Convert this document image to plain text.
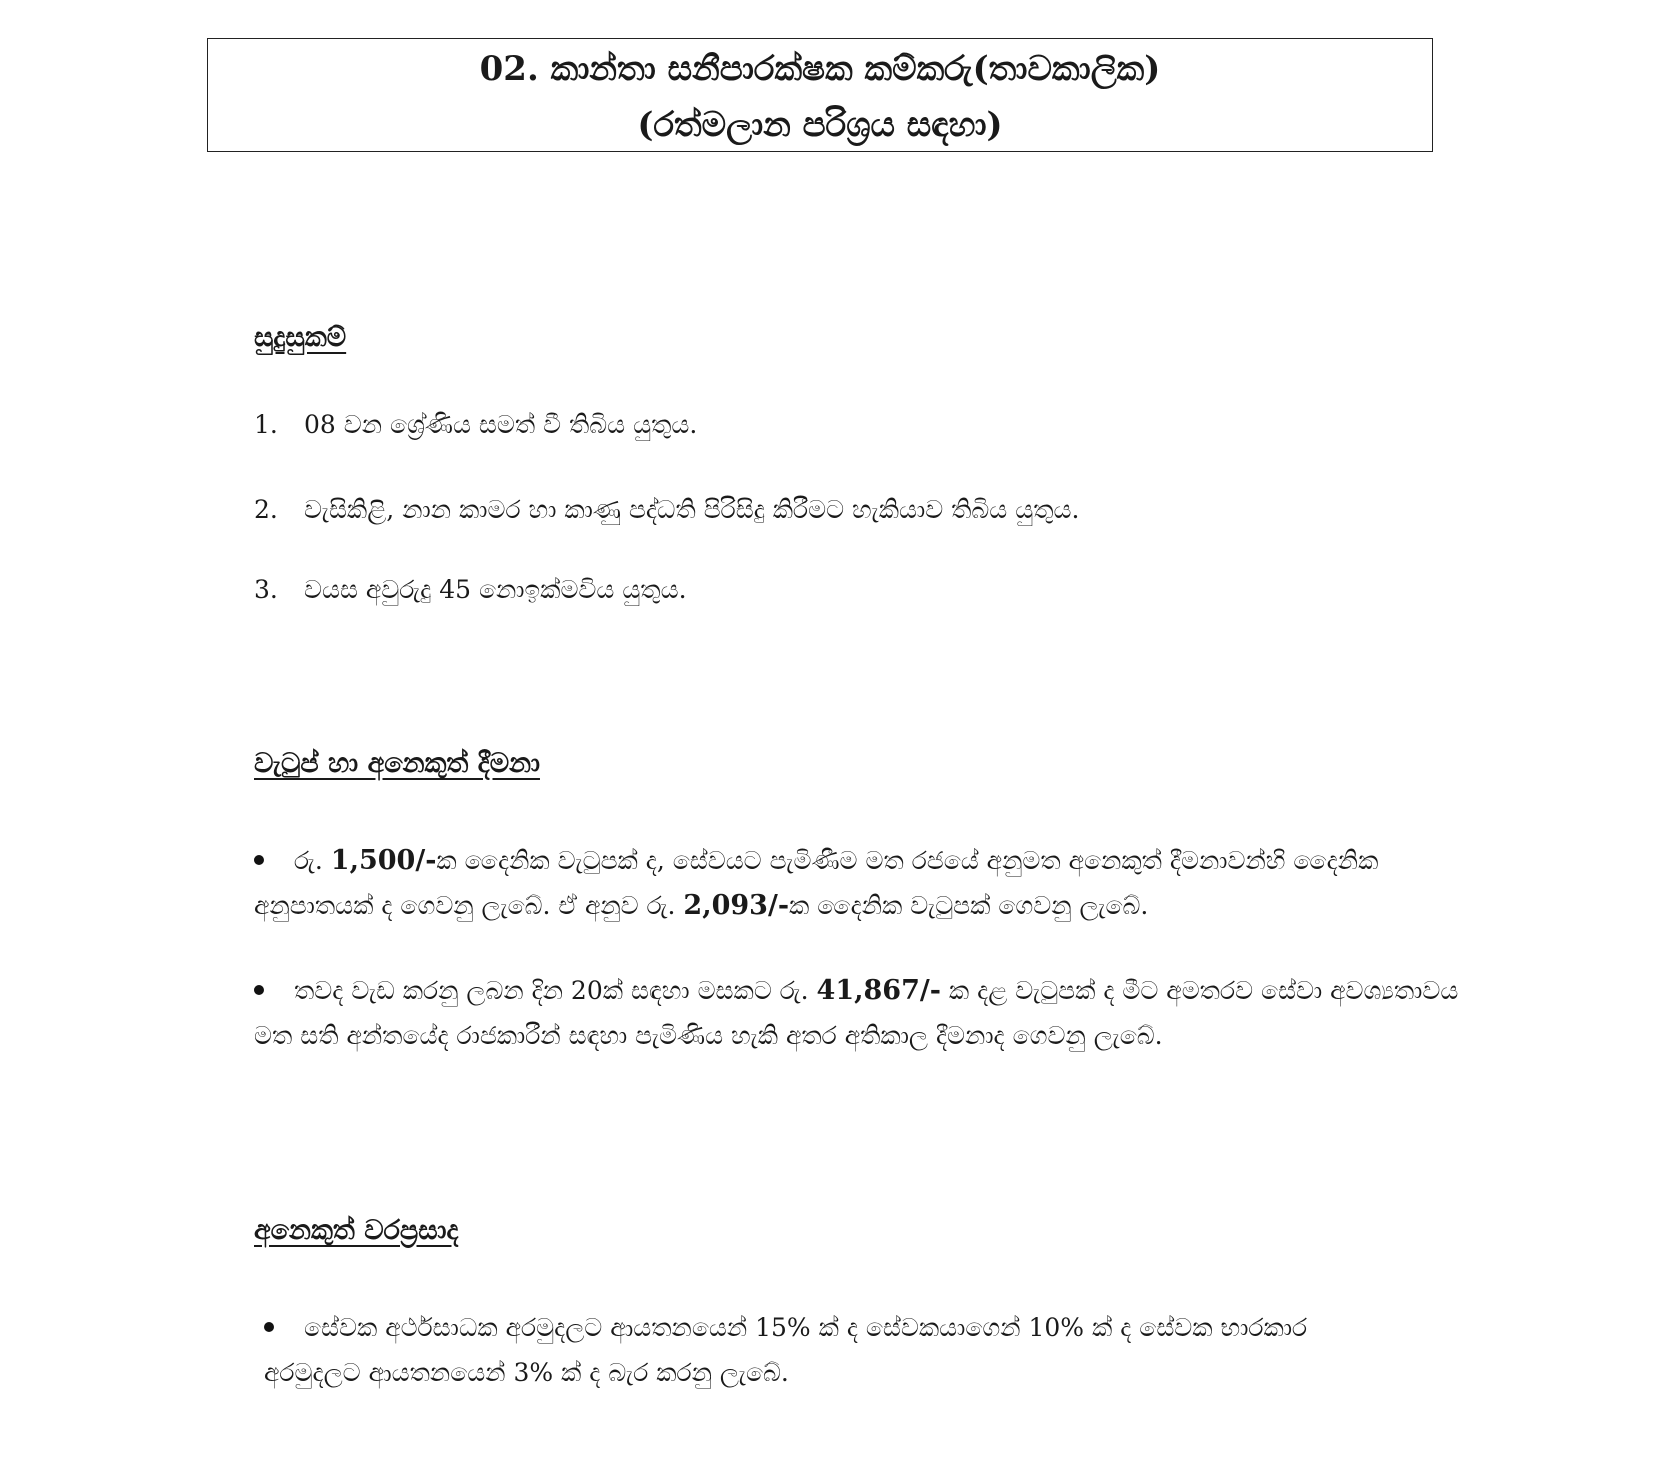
02. කාන්තා සනීපාරක්ෂක කම්කරු(තාවකාලික)
(රත්මලාන පරිශ්‍රය සඳහා)
සුදුසුකම්
1. 08 වන ශ්‍රේණිය සමත් වී තිබිය යුතුය.
2. වැසිකිළි, නාන කාමර හා කාණු පද්ධති පිරිසිදු කිරීමට හැකියාව තිබිය යුතුය.
3. වයස අවුරුදු 45 නොඉක්මවිය යුතුය.
වැටුප් හා අනෙකුත් දීමනා
රු. 1,500/-ක දෛනික වැටුපක් ද, සේවයට පැමිණීම මත රජයේ අනුමත අනෙකුත් දීමනාවන්හි දෛනික අනුපාතයක් ද ගෙවනු ලැබේ. ඒ අනුව රු. 2,093/-ක දෛනික වැටුපක් ගෙවනු ලැබේ.
තවද වැඩ කරනු ලබන දින 20ක් සඳහා මසකට රු. 41,867/- ක දළ වැටුපක් ද මීට අමතරව සේවා අවශ්‍යතාවය මත සති අන්තයේද රාජකාරීන් සඳහා පැමිණිය හැකි අතර අතිකාල දීමනාද ගෙවනු ලැබේ.
අනෙකුත් වරප්‍රසාද
සේවක අර්ථසාධක අරමුදලට ආයතනයෙන් 15% ක් ද සේවකයාගෙන් 10% ක් ද සේවක භාරකාර අරමුදලට ආයතනයෙන් 3% ක් ද බැර කරනු ලැබේ.
